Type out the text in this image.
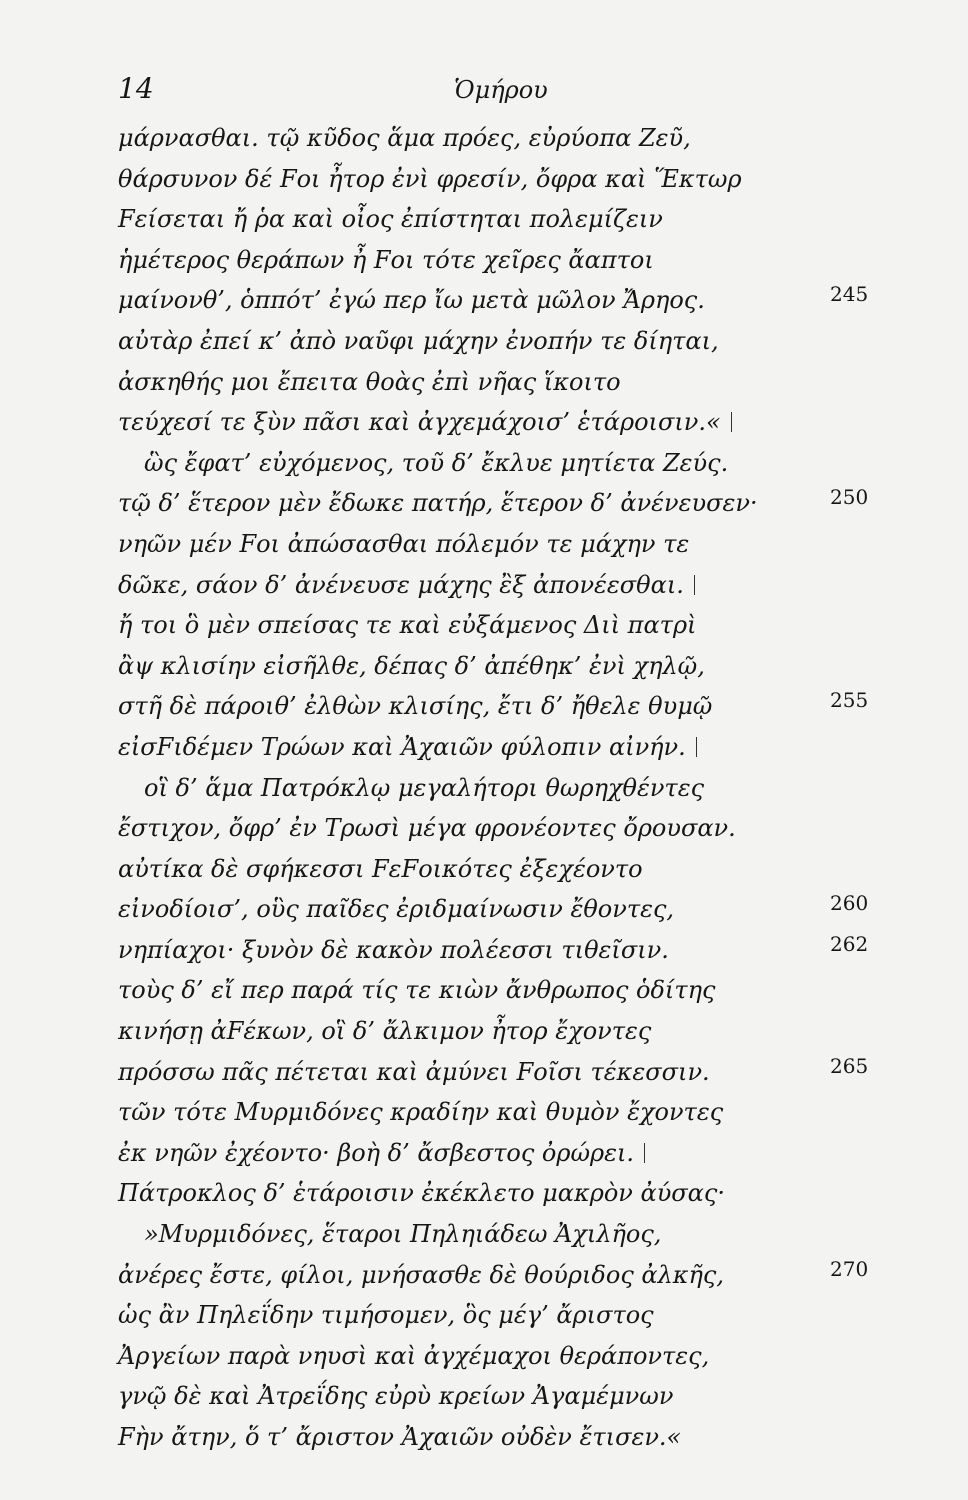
14	Ὁμήρου
μάρνασθαι. τῷ κῦδος ἅμα πρόες, εὐρύοπα Ζεῦ,
θάρσυνον δέ Fοι ἦτορ ἐνὶ φρεσίν, ὄφρα καὶ Ἕκτωρ
Fείσεται ἤ ῥα καὶ οἶος ἐπίστηται πολεμίζειν
ἡμέτερος θεράπων ἦ Fοι τότε χεῖρες ἄαπτοι
μαίνονθ’, ὁππότ’ ἐγώ περ ἴω μετὰ μῶλον Ἄρηος.	245
αὐτὰρ ἐπεί κ’ ἀπὸ ναῦφι μάχην ἐνοπήν τε δίηται,
ἀσκηθής μοι ἔπειτα θοὰς ἐπὶ νῆας ἵκοιτο
τεύχεσί τε ξὺν πᾶσι καὶ ἀγχεμάχοισ’ ἑτάροισιν.«
ὣς ἔφατ’ εὐχόμενος, τοῦ δ’ ἔκλυε μητίετα Ζεύς.
τῷ δ’ ἕτερον μὲν ἔδωκε πατήρ, ἕτερον δ’ ἀνένευσεν·	250
νηῶν μέν Fοι ἀπώσασθαι πόλεμόν τε μάχην τε
δῶκε, σάον δ’ ἀνένευσε μάχης ἒξ ἀπονέεσθαι.
ἤ τοι ὃ μὲν σπείσας τε καὶ εὐξάμενος Διὶ πατρὶ
ἂψ κλισίην εἰσῆλθε, δέπας δ’ ἀπέθηκ’ ἐνὶ χηλῷ,
στῆ δὲ πάροιθ’ ἐλθὼν κλισίης, ἔτι δ’ ἤθελε θυμῷ	255
εἰσFιδέμεν Τρώων καὶ Ἀχαιῶν φύλοπιν αἰνήν.
οἳ δ’ ἅμα Πατρόκλῳ μεγαλήτορι θωρηχθέντες
ἔστιχον, ὄφρ’ ἐν Τρωσὶ μέγα φρονέοντες ὄρουσαν.
αὐτίκα δὲ σφήκεσσι FεFοικότες ἐξεχέοντο
εἰνοδίοισ’, οὓς παῖδες ἐριδμαίνωσιν ἔθοντες,	260
νηπίαχοι· ξυνὸν δὲ κακὸν πολέεσσι τιθεῖσιν.	262
τοὺς δ’ εἴ περ παρά τίς τε κιὼν ἄνθρωπος ὁδίτης
κινήσῃ ἀFέκων, οἳ δ’ ἄλκιμον ἦτορ ἔχοντες
πρόσσω πᾶς πέτεται καὶ ἀμύνει Fοῖσι τέκεσσιν.	265
τῶν τότε Μυρμιδόνες κραδίην καὶ θυμὸν ἔχοντες
ἐκ νηῶν ἐχέοντο· βοὴ δ’ ἄσβεστος ὀρώρει.
Πάτροκλος δ’ ἑτάροισιν ἐκέκλετο μακρὸν ἀύσας·
»Μυρμιδόνες, ἕταροι Πηληιάδεω Ἀχιλῆος,
ἀνέρες ἔστε, φίλοι, μνήσασθε δὲ θούριδος ἀλκῆς,	270
ὡς ἂν Πηλεΐδην τιμήσομεν, ὃς μέγ’ ἄριστος
Ἀργείων παρὰ νηυσὶ καὶ ἀγχέμαχοι θεράποντες,
γνῷ δὲ καὶ Ἀτρεΐδης εὐρὺ κρείων Ἀγαμέμνων
Fὴν ἄτην, ὅ τ’ ἄριστον Ἀχαιῶν οὐδὲν ἔτισεν.«
